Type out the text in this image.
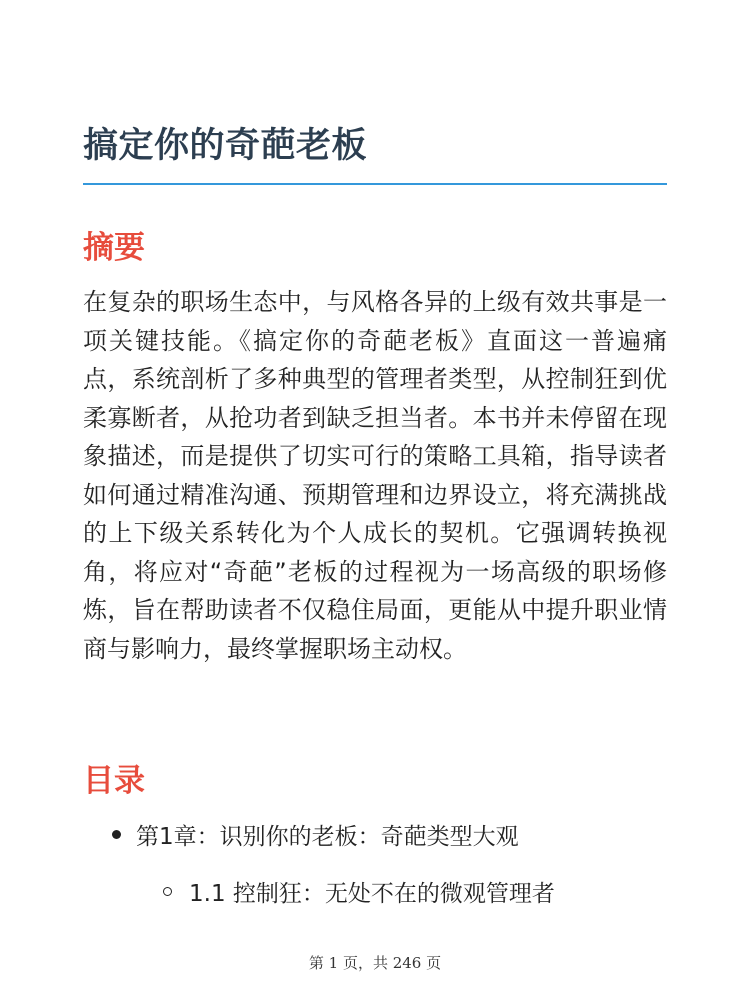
搞定你的奇葩老板
摘要

在复杂的职场生态中，与风格各异的上级有效共事是一项关键技能。《搞定你的奇葩老板》直面这一普遍痛点，系统剖析了多种典型的管理者类型，从控制狂到优柔寡断者，从抢功者到缺乏担当者。本书并未停留在现象描述，而是提供了切实可行的策略工具箱，指导读者如何通过精准沟通、预期管理和边界设立，将充满挑战的上下级关系转化为个人成长的契机。它强调转换视角，将应对“奇葩”老板的过程视为一场高级的职场修炼，旨在帮助读者不仅稳住局面，更能从中提升职业情商与影响力，最终掌握职场主动权。

目录
第1章：识别你的老板：奇葩类型大观
1.1 控制狂：无处不在的微观管理者
第 1 页，共 246 页
